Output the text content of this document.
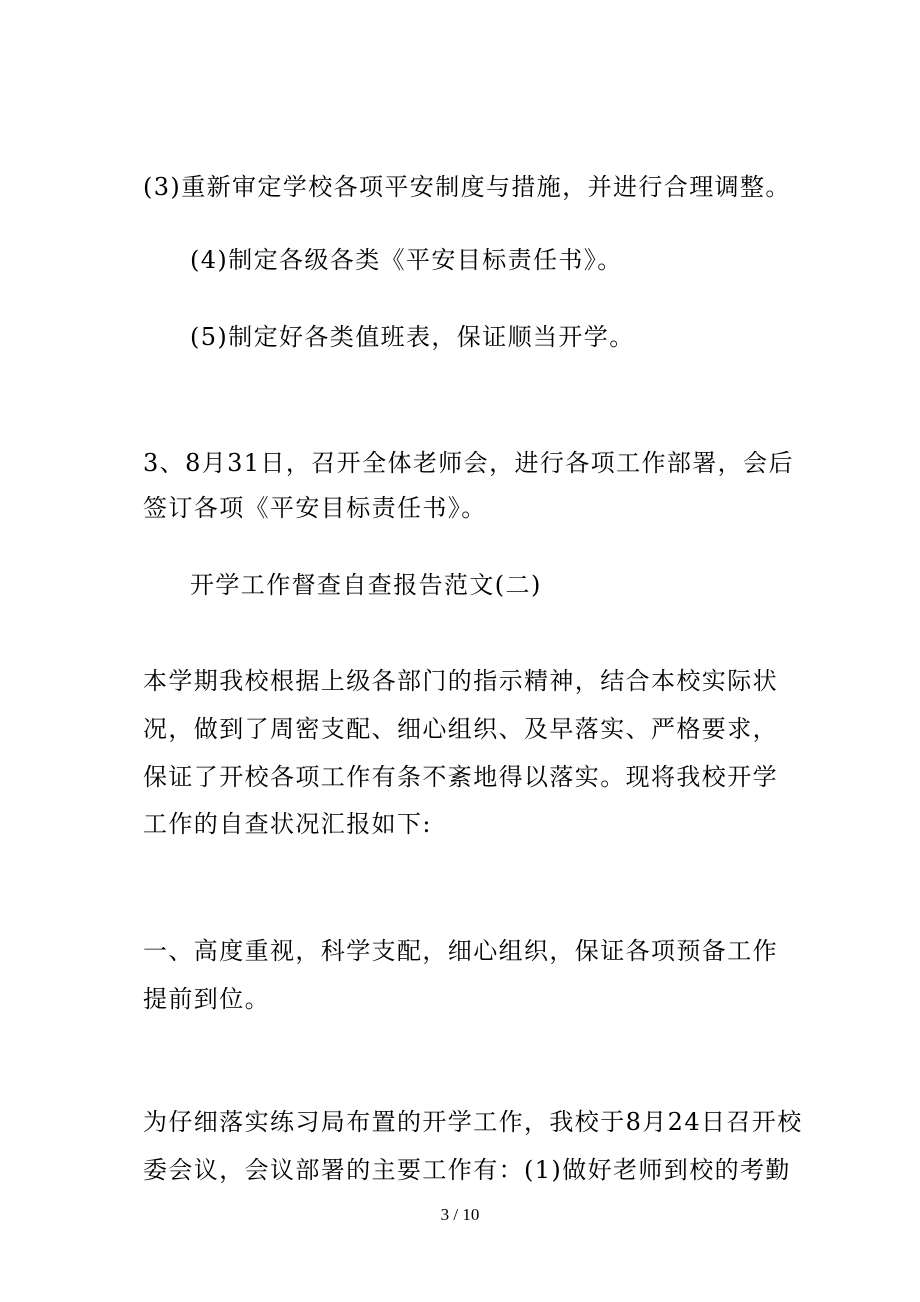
(3)重新审定学校各项平安制度与措施，并进行合理调整。
(4)制定各级各类《平安目标责任书》。
(5)制定好各类值班表，保证顺当开学。
3、8月31日，召开全体老师会，进行各项工作部署，会后
签订各项《平安目标责任书》。
开学工作督查自查报告范文(二)
本学期我校根据上级各部门的指示精神，结合本校实际状
况，做到了周密支配、细心组织、及早落实、严格要求，
保证了开校各项工作有条不紊地得以落实。现将我校开学
工作的自查状况汇报如下:
一、高度重视，科学支配，细心组织，保证各项预备工作
提前到位。
为仔细落实练习局布置的开学工作，我校于8月24日召开校
委会议，会议部署的主要工作有：(1)做好老师到校的考勤
3 / 10
